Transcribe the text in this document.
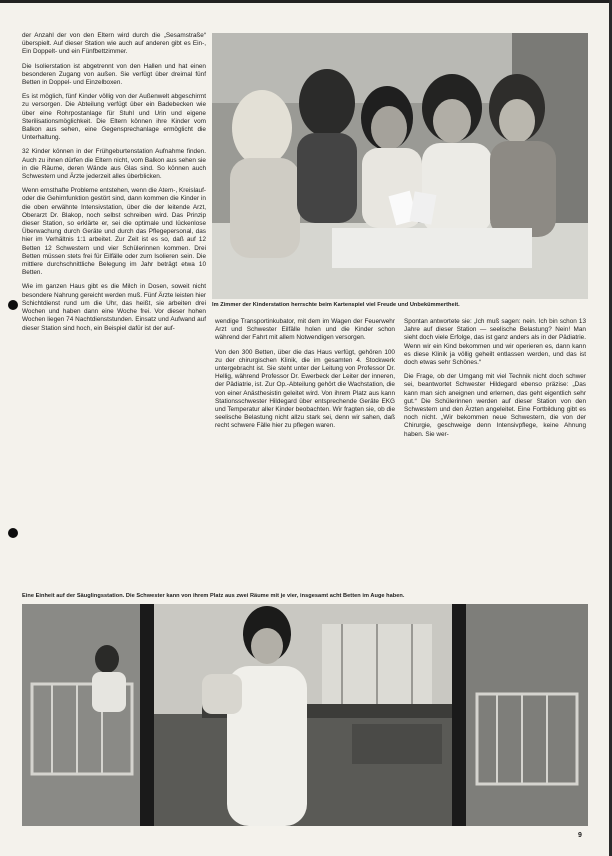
der Anzahl der von den Eltern wird durch die „Sesamstraße“ überspielt. Auf dieser Station wie auch auf anderen gibt es Ein-, Ein Doppelt- und ein Fünfbettzimmer.

Die Isolierstation ist abgetrennt von den Hallen und hat einen besonderen Zugang von außen. Sie verfügt über dreimal fünf Betten in Doppel- und Einzelboxen.

Es ist möglich, fünf Kinder völlig von der Außenwelt abgeschirmt zu versorgen. Die Abteilung verfügt über ein Badebecken wie über eine Rohrpostanlage für Stuhl und Urin und eigene Sterilisationsmöglichkeit. Die Eltern können ihre Kinder vom Balkon aus sehen, eine Gegensprechanlage ermöglicht die Unterhaltung.

32 Kinder können in der Frühgeburtenstation Aufnahme finden. Auch zu ihnen dürfen die Eltern nicht, vom Balkon aus sehen sie in die Räume, deren Wände aus Glas sind. So können auch Schwestern und Ärzte jederzeit alles überblicken.

Wenn ernsthafte Probleme entstehen, wenn die Atem-, Kreislauf- oder die Gehirnfunktion gestört sind, dann kommen die Kinder in die oben erwähnte Intensivstation, über die der leitende Arzt, Oberarzt Dr. Blakop, noch selbst schreiben wird. Das Prinzip dieser Station, so erklärte er, sei die optimale und lückenlose Überwachung durch Geräte und durch das Pflegepersonal, das hier im Verhältnis 1:1 arbeitet. Zur Zeit ist es so, daß auf 12 Betten 12 Schwestern und vier Schülerinnen kommen. Drei Betten müssen stets frei für Eilfälle oder zum Isolieren sein. Die mittlere durchschnittliche Belegung im Jahr beträgt etwa 10 Betten.

Wie im ganzen Haus gibt es die Milch in Dosen, soweit nicht besondere Nahrung gereicht werden muß. Fünf Ärzte leisten hier Schichtdienst rund um die Uhr, das heißt, sie arbeiten drei Wochen und haben dann eine Woche frei. Vor dieser hohen Wochen liegen 74 Nachtdienststunden. Einsatz und Aufwand auf dieser Station sind hoch, ein Beispiel dafür ist der auf-

Im Zimmer der Kinderstation herrschte beim Kartenspiel viel Freude und Unbekümmertheit.

wendige Transportinkubator, mit dem im Wagen der Feuerwehr Arzt und Schwester Eilfälle holen und die Kinder schon während der Fahrt mit allem Notwendigen versorgen.

Von den 300 Betten, über die das Haus verfügt, gehören 100 zu der chirurgischen Klinik, die im gesamten 4. Stockwerk untergebracht ist. Sie steht unter der Leitung von Professor Dr. Hellig, während Professor Dr. Ewerbeck der Leiter der inneren, der Pädiatrie, ist. Zur Op.-Abteilung gehört die Wachstation, die von einer Anästhesistin geleitet wird. Von ihrem Platz aus kann Stationsschwester Hildegard über entsprechende Geräte EKG und Temperatur aller Kinder beobachten. Wir fragten sie, ob die seelische Belastung nicht allzu stark sei, denn wir sahen, daß recht schwere Fälle hier zu pflegen waren.

Spontan antwortete sie: „Ich muß sagen: nein. Ich bin schon 13 Jahre auf dieser Station — seelische Belastung? Nein! Man sieht doch viele Erfolge, das ist ganz anders als in der Pädiatrie. Wenn wir ein Kind bekommen und wir operieren es, dann kann es diese Klinik ja völlig geheilt entlassen werden, und das ist doch etwas sehr Schönes.“

Die Frage, ob der Umgang mit viel Technik nicht doch schwer sei, beantwortet Schwester Hildegard ebenso präzise: „Das kann man sich aneignen und erlernen, das geht eigentlich sehr gut.“ Die Schülerinnen werden auf dieser Station von den Schwestern und den Ärzten angeleitet. Eine Fortbildung gibt es noch nicht. „Wir bekommen neue Schwestern, die von der Chirurgie, geschweige denn Intensivpflege, keine Ahnung haben. Sie wer-

Eine Einheit auf der Säuglingsstation. Die Schwester kann von ihrem Platz aus zwei Räume mit je vier, insgesamt acht Betten im Auge haben.
9
